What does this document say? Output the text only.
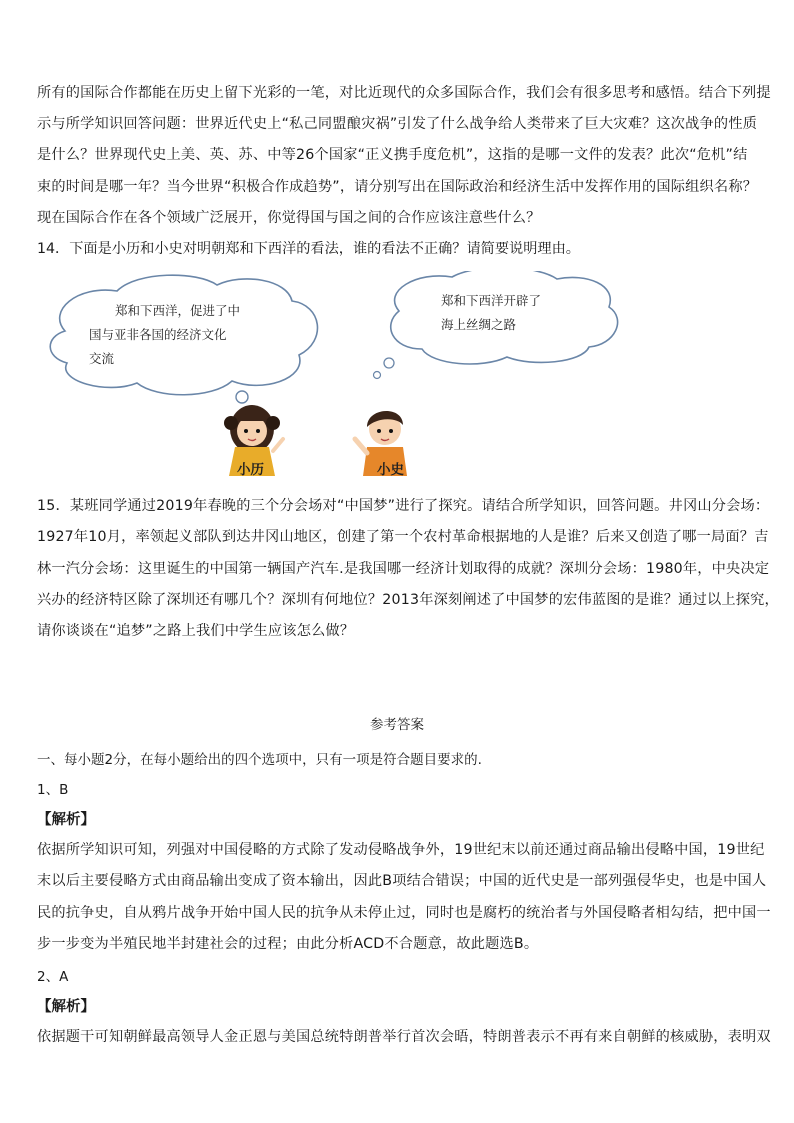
所有的国际合作都能在历史上留下光彩的一笔，对比近现代的众多国际合作，我们会有很多思考和感悟。结合下列提
示与所学知识回答问题：世界近代史上“私己同盟酿灾祸”引发了什么战争给人类带来了巨大灾难？这次战争的性质
是什么？世界现代史上美、英、苏、中等26个国家“正义携手度危机”，这指的是哪一文件的发表？此次“危机”结
束的时间是哪一年？当今世界“积极合作成趋势”，请分别写出在国际政治和经济生活中发挥作用的国际组织名称？
现在国际合作在各个领域广泛展开，你觉得国与国之间的合作应该注意些什么？

14．下面是小历和小史对明朝郑和下西洋的看法，谁的看法不正确？请简要说明理由。

郑和下西洋，促进了中
国与亚非各国的经济文化
交流
郑和下西洋开辟了
海上丝绸之路
小历	小史
15．某班同学通过2019年春晚的三个分会场对“中国梦”进行了探究。请结合所学知识，回答问题。井冈山分会场：
1927年10月，率领起义部队到达井冈山地区，创建了第一个农村革命根据地的人是谁？后来又创造了哪一局面？吉
林一汽分会场：这里诞生的中国第一辆国产汽车.是我国哪一经济计划取得的成就？深圳分会场：1980年，中央决定
兴办的经济特区除了深圳还有哪几个？深圳有何地位？2013年深刻阐述了中国梦的宏伟蓝图的是谁？通过以上探究，
请你谈谈在“追梦”之路上我们中学生应该怎么做？
参考答案

一、每小题2分，在每小题给出的四个选项中，只有一项是符合题目要求的.

1、B

【解析】

依据所学知识可知，列强对中国侵略的方式除了发动侵略战争外，19世纪末以前还通过商品输出侵略中国，19世纪
末以后主要侵略方式由商品输出变成了资本输出，因此B项结合错误；中国的近代史是一部列强侵华史，也是中国人
民的抗争史，自从鸦片战争开始中国人民的抗争从未停止过，同时也是腐朽的统治者与外国侵略者相勾结，把中国一
步一步变为半殖民地半封建社会的过程；由此分析ACD不合题意，故此题选B。

2、A

【解析】

依据题干可知朝鲜最高领导人金正恩与美国总统特朗普举行首次会晤，特朗普表示不再有来自朝鲜的核威胁，表明双
